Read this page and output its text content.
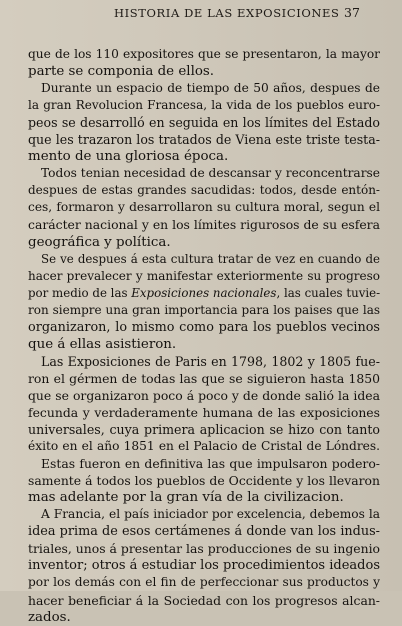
HISTORIA DE LAS EXPOSICIONES 37
que de los 110 expositores que se presentaron, la mayor
parte se componia de ellos.
Durante un espacio de tiempo de 50 años, despues de
la gran Revolucion Francesa, la vida de los pueblos euro-
peos se desarrolló en seguida en los límites del Estado
que les trazaron los tratados de Viena este triste testa-
mento de una gloriosa época.
Todos tenian necesidad de descansar y reconcentrarse
despues de estas grandes sacudidas: todos, desde entón-
ces, formaron y desarrollaron su cultura moral, segun el
carácter nacional y en los límites rigurosos de su esfera
geográfica y política.
Se ve despues á esta cultura tratar de vez en cuando de
hacer prevalecer y manifestar exteriormente su progreso
por medio de las Exposiciones nacionales, las cuales tuvie-
ron siempre una gran importancia para los paises que las
organizaron, lo mismo como para los pueblos vecinos
que á ellas asistieron.
Las Exposiciones de Paris en 1798, 1802 y 1805 fue-
ron el gérmen de todas las que se siguieron hasta 1850
que se organizaron poco á poco y de donde salió la idea
fecunda y verdaderamente humana de las exposiciones
universales, cuya primera aplicacion se hizo con tanto
éxito en el año 1851 en el Palacio de Cristal de Lóndres.
Estas fueron en definitiva las que impulsaron podero-
samente á todos los pueblos de Occidente y los llevaron
mas adelante por la gran vía de la civilizacion.
A Francia, el país iniciador por excelencia, debemos la
idea prima de esos certámenes á donde van los indus-
triales, unos á presentar las producciones de su ingenio
inventor; otros á estudiar los procedimientos ideados
por los demás con el fin de perfeccionar sus productos y
hacer beneficiar á la Sociedad con los progresos alcan-
zados.
